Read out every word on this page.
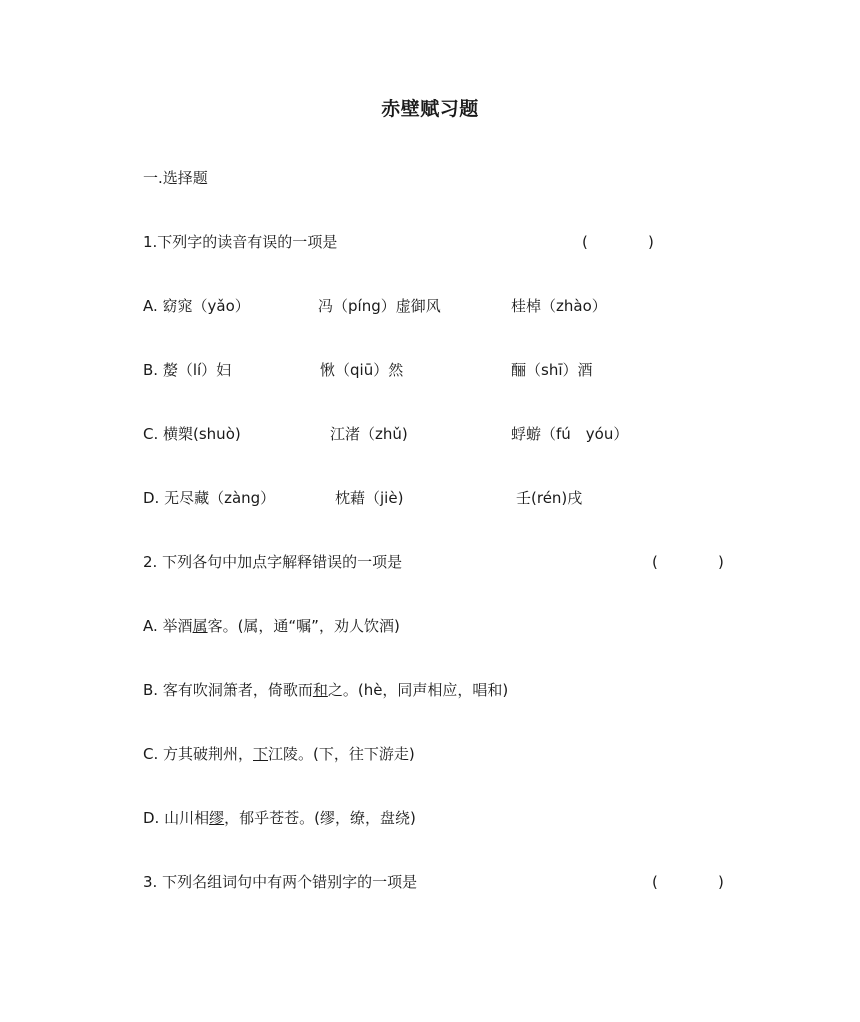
赤壁赋习题
一.选择题
1.下列字的读音有误的一项是	(	)
A. 窈窕（yǎo）	冯（píng）虚御风	桂棹（zhào）
B. 嫠（lí）妇	愀（qiū）然	酾（shī）酒
C. 横槊(shuò)	江渚（zhǔ)	蜉蝣（fú　yóu）
D. 无尽藏（zàng）	枕藉（jiè)	壬(rén)戌
2. 下列各句中加点字解释错误的一项是	(	)
A. 举酒属客。(属，通“嘱”，劝人饮酒)
B. 客有吹洞箫者，倚歌而和之。(hè，同声相应，唱和)
C. 方其破荆州，下江陵。(下，往下游走)
D. 山川相缪，郁乎苍苍。(缪，缭，盘绕)
3. 下列名组词句中有两个错别字的一项是	(	)
